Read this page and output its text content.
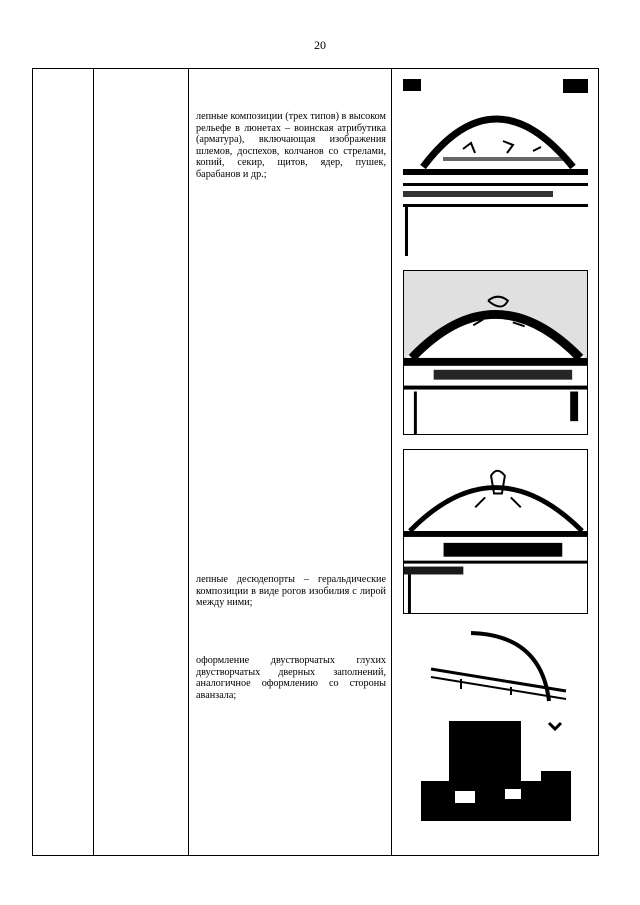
20

лепные композиции (трех типов) в высоком рельефе в люнетах – воинская атрибутика (арматура), включающая изображения шлемов, доспехов, колчанов со стрелами, копий, секир, щитов, ядер, пушек, барабанов и др.;

лепные десюдепорты – геральдические композиции в виде рогов изобилия с лирой между ними;

оформление двустворчатых глухих двустворчатых дверных заполнений, аналогичное оформлению со стороны аванзала;
